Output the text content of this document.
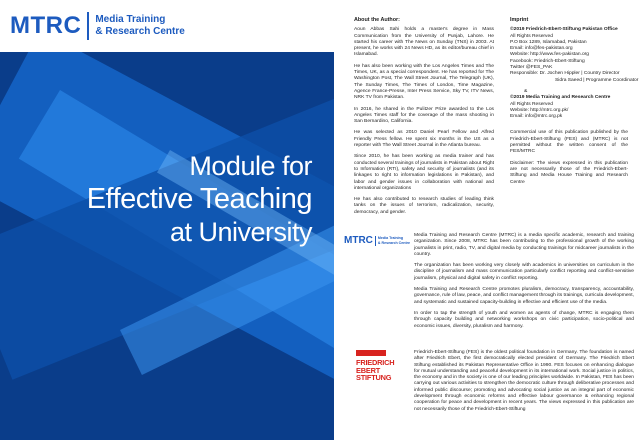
MTRC Media Training
& Research Centre
Module for
Effective Teaching
at University
About the Author:

Aoun Abbas Sahi holds a master's degree in Mass Communication from the University of Punjab, Lahore. He started his career with The News on Sunday (TNS) in 2003. At present, he works with 24 News HD, as its editor/bureau chief in Islamabad.

He has also been working with the Los Angeles Times and The Times, UK, as a special correspondent. He has reported for The Washington Post, The Wall Street Journal, The Telegraph (UK), The Sunday Times, The Times of London, Time Magazine, Agence France-Presse, Inter Press Service, Sky TV, ITV News, NRK TV from Pakistan.

In 2016, he shared in the Pulitzer Prize awarded to the Los Angeles Times staff for the coverage of the mass shooting in San Bernardino, California.

He was selected as 2010 Daniel Pearl Fellow and Alfred Friendly Press fellow. He spent six months in the US as a reporter with The Wall Street Journal in the Atlanta bureau.

Since 2010, he has been working as media trainer and has conducted several trainings of journalists in Pakistan about Right to Information (RTI), safety and security of journalists (and its linkages to right to information legislations in Pakistan), and labor and gender issues in collaboration with national and international organizations

He has also contributed to research studies of leading think tanks on the issues of terrorism, radicalization, security, democracy, and gender.

Imprint
©2019 Friedrich-Ebert-Stiftung Pakistan Office
All Rights Reserved
P.O Box 1289, Islamabad, Pakistan
Email: info@fes-pakistan.org
Website: http://www.fes-pakistan.org
Facebook: Friedrich-Ebert-Stiftung
Twitter @FES_PAK
Responsible: Dr. Jochen Hippler | Country Director
Sidra Saeed | Programme Coordinator
&
©2019 Media Training and Research Centre
All Rights Reserved
Website: http://mtrc.org.pk/
Email: info@mtrc.org.pk

Commercial use of this publication published by the Friedrich-Ebert-Stiftung (FES) and (MTRC) is not permitted without the written consent of the FES/MTRC

Disclaimer: The views expressed in this publication are not necessarily those of the Friedrich-Ebert-Stiftung and Media House Training and Research Centre

MTRC Media Training
& Research Centre

Media Training and Research Centre (MTRC) is a media specific academic, research and training organization. Since 2008, MTRC has been contributing to the professional growth of the working journalists in print, radio, TV, and digital media by conducting trainings for midcareer journalists in the country.

The organization has been working very closely with academics in universities on curriculum in the discipline of journalism and mass communication particularly conflict reporting and conflict-sensitive journalism, physical and digital safety in conflict reporting.

Media Training and Research Centre promotes pluralism, democracy, transparency, accountability, governance, rule of law, peace, and conflict management through its trainings, curricula development, and systematic and sustained capacity-building in effective and efficient use of the media.

In order to tap the strength of youth and women as agents of change, MTRC is engaging them through capacity building and networking workshops on civic participation, socio-political and economic issues, diversity, pluralism and harmony.

FRIEDRICH
EBERT
STIFTUNG

Friedrich-Ebert-Stiftung (FES) is the oldest political foundation in Germany. The foundation is named after Friedrich Ebert, the first democratically elected president of Germany. The Friedrich Ebert Stiftung established its Pakistan Representative Office in 1990. FES focuses on enhancing dialogue for mutual understanding and peaceful development in its international work. Social justice in politics, the economy and in the society is one of our leading principles worldwide. In Pakistan, FES has been carrying out various activities to strengthen the democratic culture through deliberative processes and informed public discourse; promoting and advocating social justice as an integral part of economic development through economic reforms and effective labour governance & enhancing regional cooperation for peace and development in recent years. The views expressed in this publication are not necessarily those of the Friedrich-Ebert-Stiftung
